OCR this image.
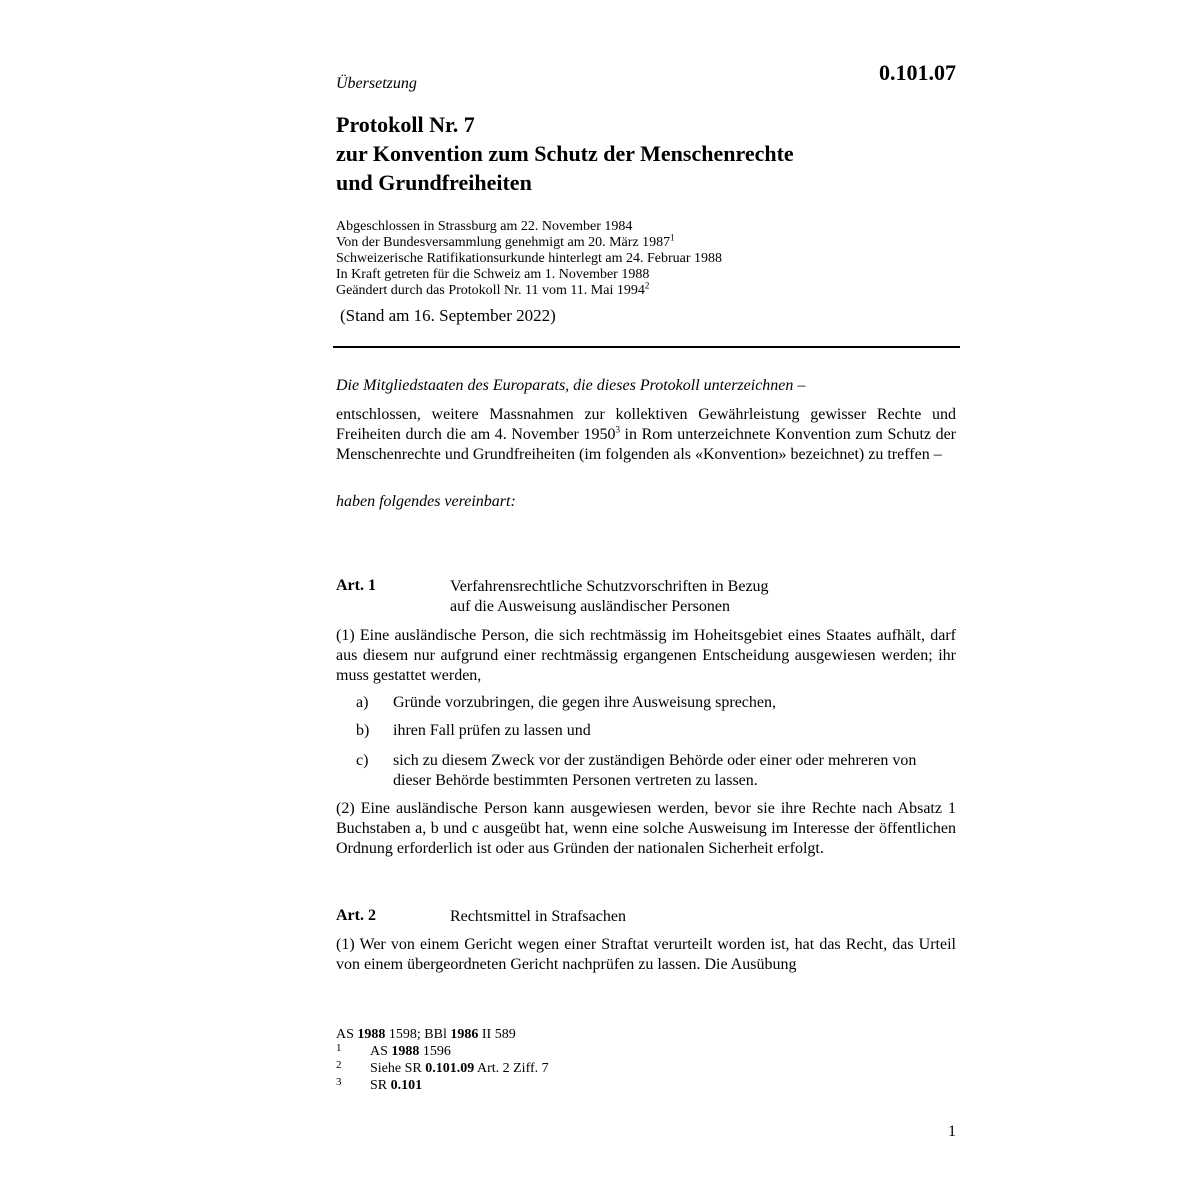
Übersetzung	0.101.07
Protokoll Nr. 7
zur Konvention zum Schutz der Menschenrechte
und Grundfreiheiten
Abgeschlossen in Strassburg am 22. November 1984
Von der Bundesversammlung genehmigt am 20. März 1987$^1$
Schweizerische Ratifikationsurkunde hinterlegt am 24. Februar 1988
In Kraft getreten für die Schweiz am 1. November 1988
Geändert durch das Protokoll Nr. 11 vom 11. Mai 1994$^2$
(Stand am 16. September 2022)
Die Mitgliedstaaten des Europarats, die dieses Protokoll unterzeichnen –
entschlossen, weitere Massnahmen zur kollektiven Gewährleistung gewisser Rechte und Freiheiten durch die am 4. November 1950$^3$ in Rom unterzeichnete Konvention zum Schutz der Menschenrechte und Grundfreiheiten (im folgenden als «Konvention» bezeichnet) zu treffen –
haben folgendes vereinbart:
Art. 1	Verfahrensrechtliche Schutzvorschriften in Bezug
auf die Ausweisung ausländischer Personen
(1) Eine ausländische Person, die sich rechtmässig im Hoheitsgebiet eines Staates aufhält, darf aus diesem nur aufgrund einer rechtmässig ergangenen Entscheidung ausgewiesen werden; ihr muss gestattet werden,
a) Gründe vorzubringen, die gegen ihre Ausweisung sprechen,
b) ihren Fall prüfen zu lassen und
c) sich zu diesem Zweck vor der zuständigen Behörde oder einer oder mehreren von dieser Behörde bestimmten Personen vertreten zu lassen.
(2) Eine ausländische Person kann ausgewiesen werden, bevor sie ihre Rechte nach Absatz 1 Buchstaben a, b und c ausgeübt hat, wenn eine solche Ausweisung im Interesse der öffentlichen Ordnung erforderlich ist oder aus Gründen der nationalen Sicherheit erfolgt.
Art. 2	Rechtsmittel in Strafsachen
(1) Wer von einem Gericht wegen einer Straftat verurteilt worden ist, hat das Recht, das Urteil von einem übergeordneten Gericht nachprüfen zu lassen. Die Ausübung
AS 1988 1598; BBl 1986 II 589
1 AS 1988 1596
2 Siehe SR 0.101.09 Art. 2 Ziff. 7
3 SR 0.101
1
